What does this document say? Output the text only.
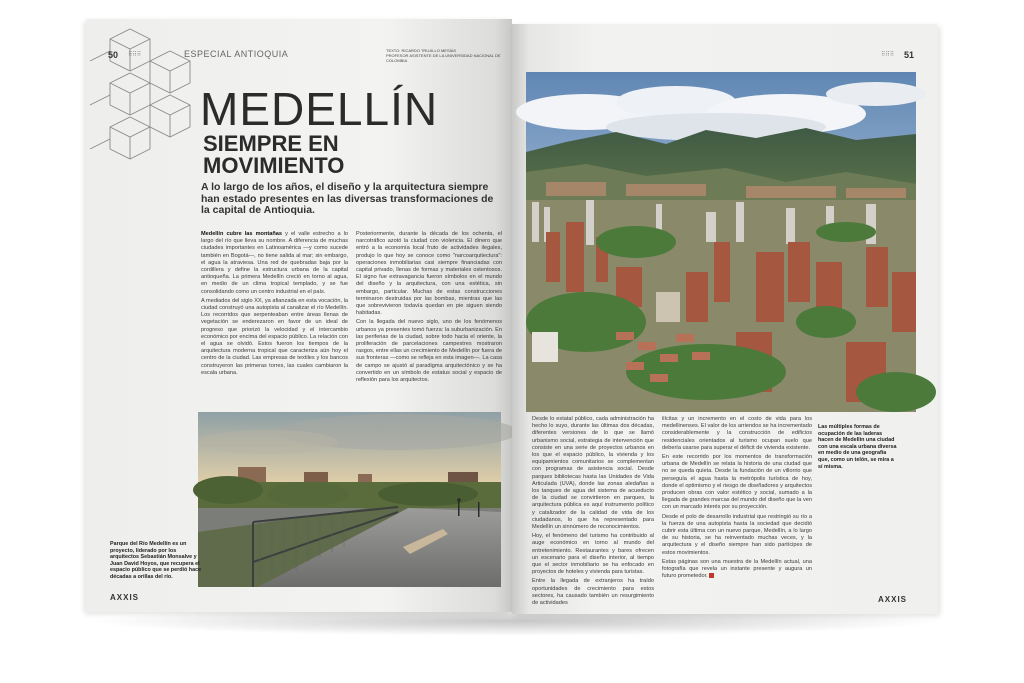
50 ⠿⠿⠿	ESPECIAL ANTIOQUIA	TEXTO: RICARDO TRUJILLO MESÍAS
PROFESOR ASISTENTE DE LA UNIVERSIDAD NACIONAL DE COLOMBIA
MEDELLÍN
SIEMPRE EN
MOVIMIENTO

A lo largo de los años, el diseño y la arquitectura siempre han estado presentes en las diversas transformaciones de la capital de Antioquia.

Medellín cubre las montañas y el valle estrecho a lo largo del río que lleva su nombre. A diferencia de muchas ciudades importantes en Latinoamérica —y como sucede también en Bogotá—, no tiene salida al mar; sin embargo, el agua la atraviesa. Una red de quebradas baja por la cordillera y define la estructura urbana de la capital antioqueña. La primera Medellín creció en torno al agua, en medio de un clima tropical templado, y se fue consolidando como un centro industrial en el país.

A mediados del siglo XX, ya afianzada en esta vocación, la ciudad construyó una autopista al canalizar el río Medellín. Los recorridos que serpenteaban entre áreas llenas de vegetación se enderezaron en favor de un ideal de progreso que priorizó la velocidad y el intercambio económico por encima del espacio público. La relación con el agua se olvidó. Estos fueron los tiempos de la arquitectura moderna tropical que caracteriza aún hoy el centro de la ciudad. Las empresas de textiles y los bancos construyeron las primeras torres, las cuales cambiaron la escala urbana.

Posteriormente, durante la década de los ochenta, el narcotráfico azotó la ciudad con violencia. El dinero que entró a la economía local fruto de actividades ilegales, produjo lo que hoy se conoce como "narcoarquitectura": operaciones inmobiliarias casi siempre financiadas con capital privado, llenas de formas y materiales ostentosos. El signo fue extravagancia fueron símbolos en el mundo del diseño y la arquitectura, con una estética, sin embargo, particular. Muchas de estas construcciones terminaron destruidas por las bombas, mientras que las que sobrevivieron todavía quedan en pie siguen siendo habitadas.

Con la llegada del nuevo siglo, uno de los fenómenos urbanos ya presentes tomó fuerza: la suburbanización. En las periferias de la ciudad, sobre todo hacia el oriente, la proliferación de parcelaciones campestres mostraron rasgos, entre ellas un crecimiento de Medellín por fuera de sus fronteras —como se refleja en esta imagen—. La casa de campo se ajustó al paradigma arquitectónico y se ha convertido en un símbolo de estatus social y espacio de reflexión para los arquitectos.

Parque del Río Medellín es un proyecto, liderado por los arquitectos Sebastián Monsalve y Juan David Hoyos, que recupera el espacio público que se perdió hace décadas a orillas del río.
AXXIS
⠿⠿⠿ 51

Desde lo estatal público, cada administración ha hecho lo suyo, durante las últimas dos décadas, diferentes versiones de lo que se llamó urbanismo social, estrategia de intervención que consiste en una serie de proyectos urbanos en los que el espacio público, la vivienda y los equipamientos comunitarios se complementan con programas de asistencia social. Desde parques bibliotecas hasta las Unidades de Vida Articulada (UVA), donde las zonas aledañas a los tanques de agua del sistema de acueducto de la ciudad se convirtieron en parques, la arquitectura pública es aquí instrumento político y catalizador de la calidad de vida de los ciudadanos, lo que ha representado para Medellín un sinnúmero de reconocimientos.

Hoy, el fenómeno del turismo ha contribuido al auge económico en torno al mundo del entretenimiento. Restaurantes y bares ofrecen un escenario para el diseño interior, al tiempo que el sector inmobiliario se ha enfocado en proyectos de hoteles y vivienda para turistas.

Entre la llegada de extranjeros ha traído oportunidades de crecimiento para estos sectores, ha causado también un resurgimiento de actividades

ilícitas y un incremento en el costo de vida para los medellinenses. El valor de los arriendos se ha incrementado considerablemente y la construcción de edificios residenciales orientados al turismo ocupan suelo que debería usarse para superar el déficit de vivienda existente.

En este recorrido por los momentos de transformación urbana de Medellín se relata la historia de una ciudad que no se queda quieta. Desde la fundación de un villorrio que perseguía el agua hasta la metrópolis turística de hoy, donde el optimismo y el riesgo de diseñadores y arquitectos producen obras con valor estético y social, sumado a la llegada de grandes marcas del mundo del diseño que la ven con un marcado interés por su proyección.

Desde el polo de desarrollo industrial que restringió su río a la fuerza de una autopista hasta la sociedad que decidió cubrir esta última con un nuevo parque, Medellín, a lo largo de su historia, se ha reinventado muchas veces, y la arquitectura y el diseño siempre han sido partícipes de estos movimientos.

Estas páginas son una muestra de la Medellín actual, una fotografía que revela un instante presente y augura un futuro prometedor.

Las múltiples formas de ocupación de las laderas hacen de Medellín una ciudad con una escala urbana diversa en medio de una geografía que, como un telón, se mira a sí misma.
AXXIS
